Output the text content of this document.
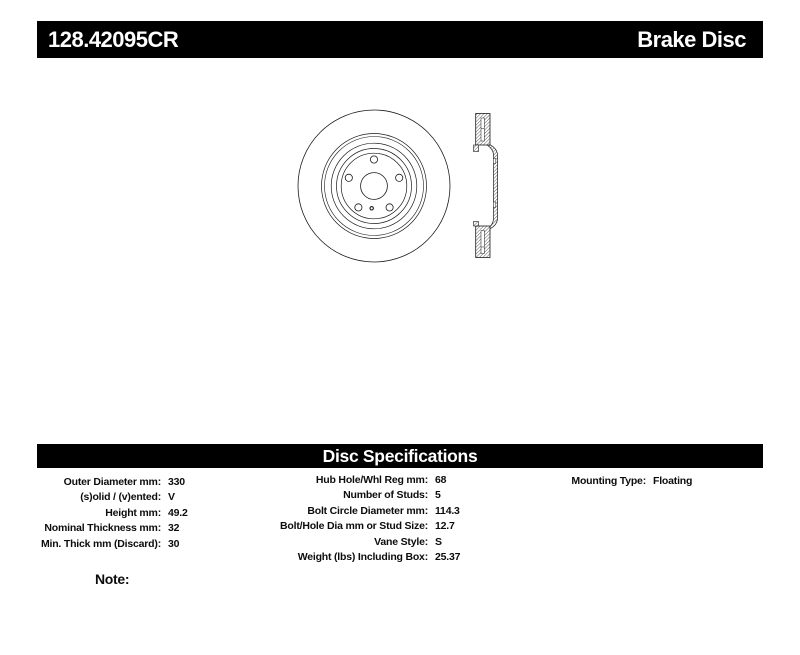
128.42095CR	Brake Disc
Disc Specifications
Outer Diameter mm: 330
(s)olid / (v)ented: V
Height mm: 49.2
Nominal Thickness mm: 32
Min. Thick mm (Discard): 30
Hub Hole/Whl Reg mm: 68
Number of Studs: 5
Bolt Circle Diameter mm: 114.3
Bolt/Hole Dia mm or Stud Size: 12.7
Vane Style: S
Weight (lbs) Including Box: 25.37
Mounting Type: Floating
Note:
